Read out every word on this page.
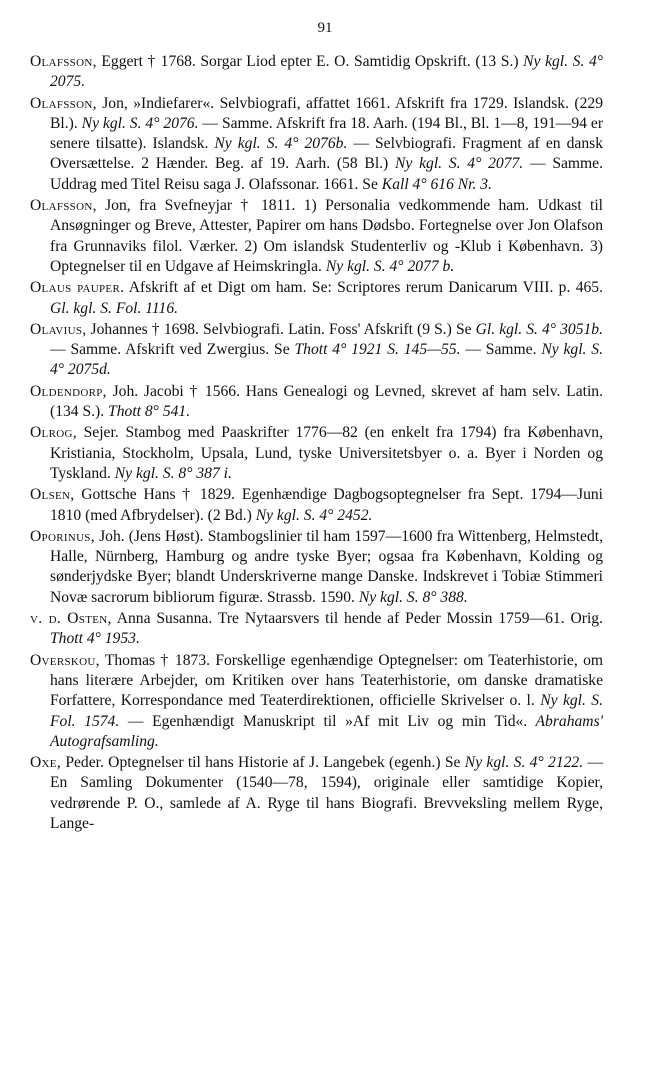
91

Olafsson, Eggert † 1768. Sorgar Liod epter E. O. Samtidig Opskrift. (13 S.) Ny kgl. S. 4° 2075.

Olafsson, Jon, »Indiefarer«. Selvbiografi, affattet 1661. Afskrift fra 1729. Islandsk. (229 Bl.). Ny kgl. S. 4° 2076. — Samme. Afskrift fra 18. Aarh. (194 Bl., Bl. 1—8, 191—94 er senere tilsatte). Islandsk. Ny kgl. S. 4° 2076b. — Selvbiografi. Fragment af en dansk Oversættelse. 2 Hænder. Beg. af 19. Aarh. (58 Bl.) Ny kgl. S. 4° 2077. — Samme. Uddrag med Titel Reisu saga J. Olafssonar. 1661. Se Kall 4° 616 Nr. 3.

Olafsson, Jon, fra Svefneyjar † 1811. 1) Personalia vedkommende ham. Udkast til Ansøgninger og Breve, Attester, Papirer om hans Dødsbo. Fortegnelse over Jon Olafson fra Grunnaviks filol. Værker. 2) Om islandsk Studenterliv og -Klub i København. 3) Optegnelser til en Udgave af Heimskringla. Ny kgl. S. 4° 2077 b.

Olaus pauper. Afskrift af et Digt om ham. Se: Scriptores rerum Danicarum VIII. p. 465. Gl. kgl. S. Fol. 1116.

Olavius, Johannes † 1698. Selvbiografi. Latin. Foss' Afskrift (9 S.) Se Gl. kgl. S. 4° 3051b. — Samme. Afskrift ved Zwergius. Se Thott 4° 1921 S. 145—55. — Samme. Ny kgl. S. 4° 2075d.

Oldendorp, Joh. Jacobi † 1566. Hans Genealogi og Levned, skrevet af ham selv. Latin. (134 S.). Thott 8° 541.

Olrog, Sejer. Stambog med Paaskrifter 1776—82 (en enkelt fra 1794) fra København, Kristiania, Stockholm, Upsala, Lund, tyske Universitetsbyer o. a. Byer i Norden og Tyskland. Ny kgl. S. 8° 387 i.

Olsen, Gottsche Hans † 1829. Egenhændige Dagbogsoptegnelser fra Sept. 1794—Juni 1810 (med Afbrydelser). (2 Bd.) Ny kgl. S. 4° 2452.

Oporinus, Joh. (Jens Høst). Stambogslinier til ham 1597—1600 fra Wittenberg, Helmstedt, Halle, Nürnberg, Hamburg og andre tyske Byer; ogsaa fra København, Kolding og sønderjydske Byer; blandt Underskriverne mange Danske. Indskrevet i Tobiæ Stimmeri Novæ sacrorum bibliorum figuræ. Strassb. 1590. Ny kgl. S. 8° 388.

v. d. Osten, Anna Susanna. Tre Nytaarsvers til hende af Peder Mossin 1759—61. Orig. Thott 4° 1953.

Overskou, Thomas † 1873. Forskellige egenhændige Optegnelser: om Teaterhistorie, om hans literære Arbejder, om Kritiken over hans Teaterhistorie, om danske dramatiske Forfattere, Korrespondance med Teaterdirektionen, officielle Skrivelser o. l. Ny kgl. S. Fol. 1574. — Egenhændigt Manuskript til »Af mit Liv og min Tid«. Abrahams' Autografsamling.

Oxe, Peder. Optegnelser til hans Historie af J. Langebek (egenh.) Se Ny kgl. S. 4° 2122. — En Samling Dokumenter (1540—78, 1594), originale eller samtidige Kopier, vedrørende P. O., samlede af A. Ryge til hans Biografi. Brevveksling mellem Ryge, Lange-
